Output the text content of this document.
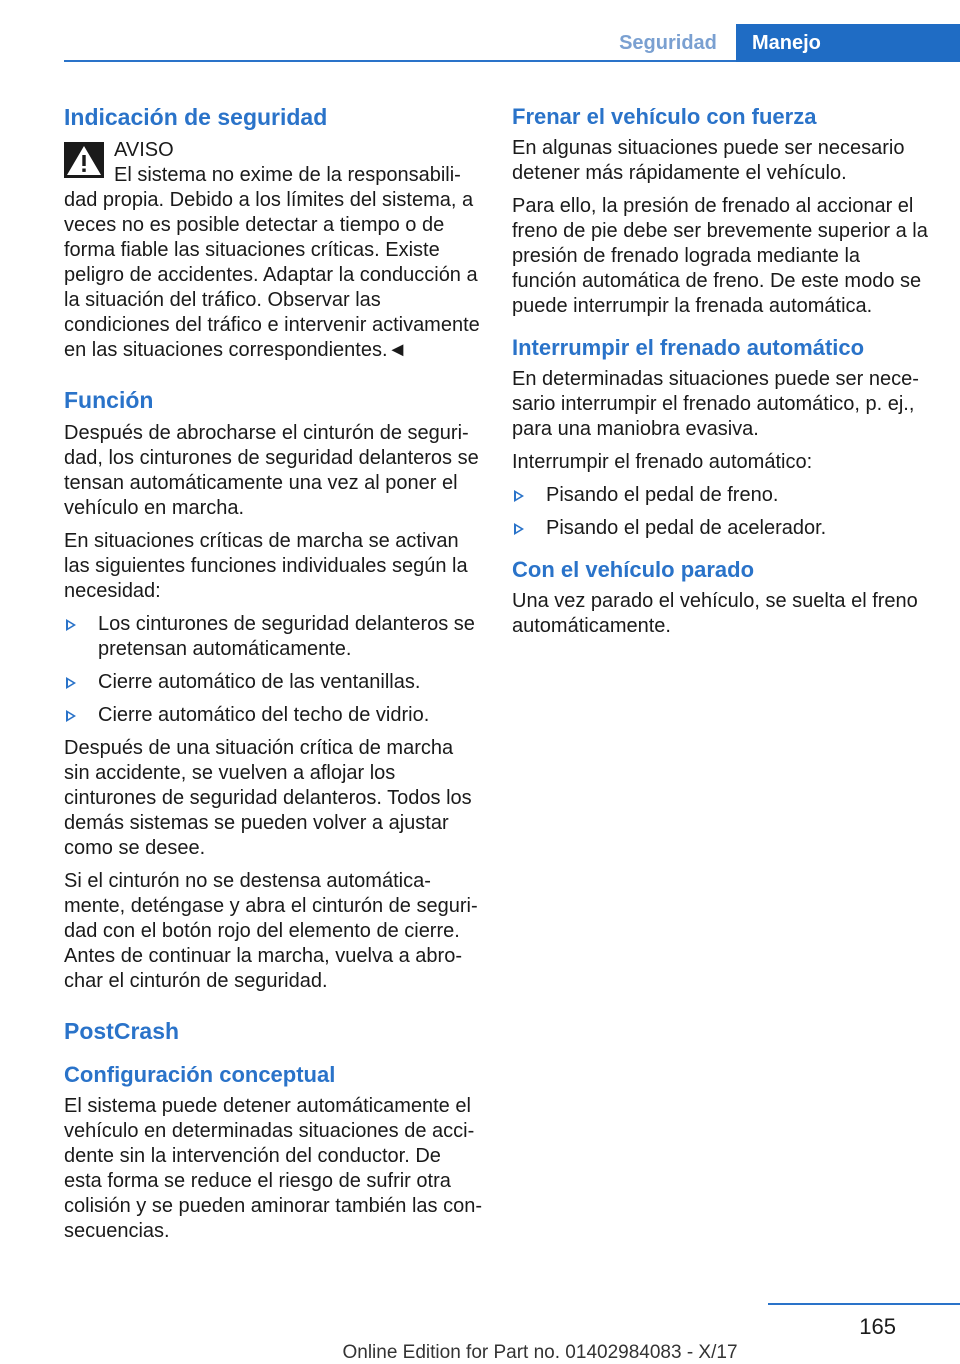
Seguridad	Manejo
Indicación de seguridad
AVISO
El sistema no exime de la responsabilidad propia. Debido a los límites del sistema, a veces no es posible detectar a tiempo o de forma fiable las situaciones críticas. Existe peligro de accidentes. Adaptar la conducción a la situación del tráfico. Observar las condiciones del tráfico e intervenir activamente en las situaciones correspondientes.◄
Función

Después de abrocharse el cinturón de seguridad, los cinturones de seguridad delanteros se tensan automáticamente una vez al poner el vehículo en marcha.

En situaciones críticas de marcha se activan las siguientes funciones individuales según la necesidad:

Los cinturones de seguridad delanteros se pretensan automáticamente.
Cierre automático de las ventanillas.
Cierre automático del techo de vidrio.

Después de una situación crítica de marcha sin accidente, se vuelven a aflojar los cinturones de seguridad delanteros. Todos los demás sistemas se pueden volver a ajustar como se desee.

Si el cinturón no se destensa automáticamente, deténgase y abra el cinturón de seguridad con el botón rojo del elemento de cierre. Antes de continuar la marcha, vuelva a abrochar el cinturón de seguridad.

PostCrash
Configuración conceptual

El sistema puede detener automáticamente el vehículo en determinadas situaciones de accidente sin la intervención del conductor. De esta forma se reduce el riesgo de sufrir otra colisión y se pueden aminorar también las consecuencias.

Frenar el vehículo con fuerza

En algunas situaciones puede ser necesario detener más rápidamente el vehículo.

Para ello, la presión de frenado al accionar el freno de pie debe ser brevemente superior a la presión de frenado lograda mediante la función automática de freno. De este modo se puede interrumpir la frenada automática.

Interrumpir el frenado automático

En determinadas situaciones puede ser necesario interrumpir el frenado automático, p. ej., para una maniobra evasiva.

Interrumpir el frenado automático:

Pisando el pedal de freno.
Pisando el pedal de acelerador.
Con el vehículo parado

Una vez parado el vehículo, se suelta el freno automáticamente.

165
Online Edition for Part no. 01402984083 - X/17
